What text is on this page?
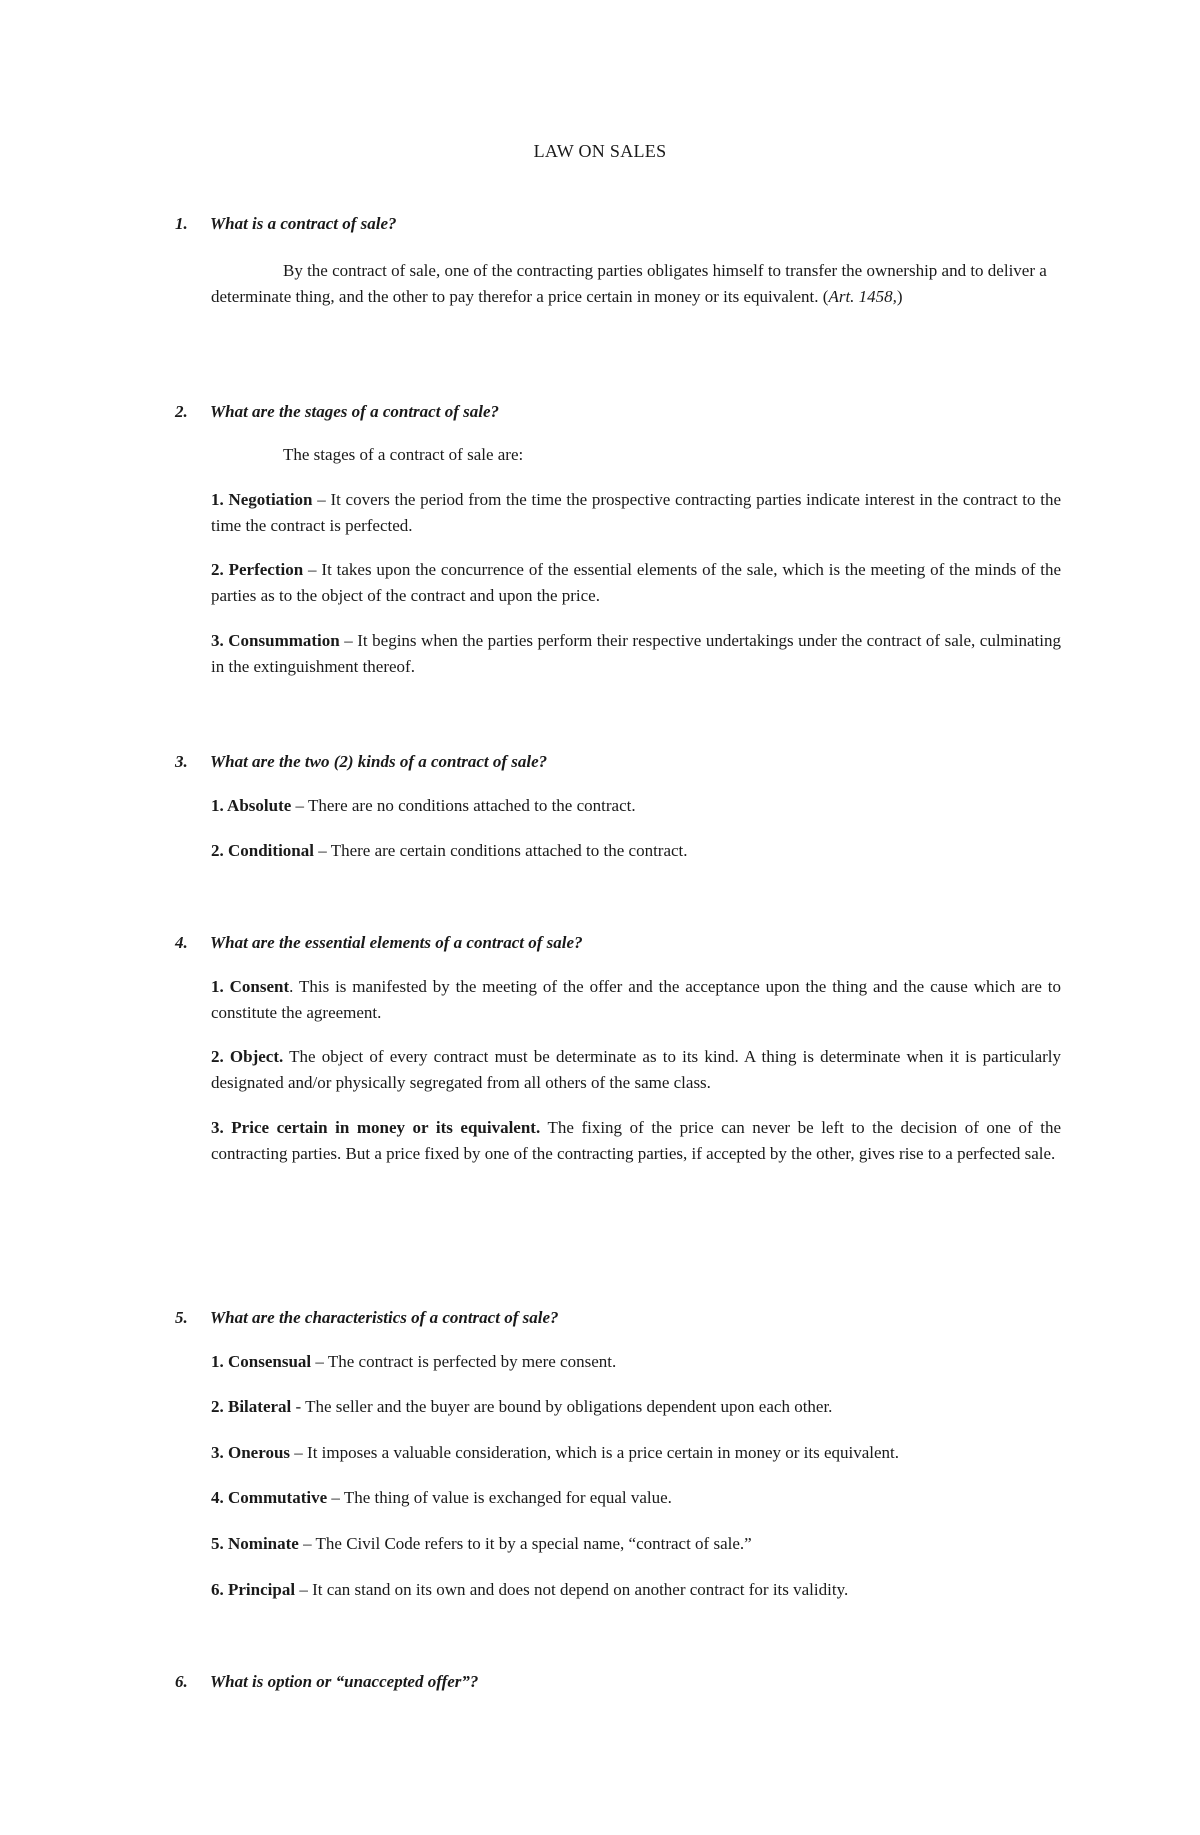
LAW ON SALES
1. What is a contract of sale?
By the contract of sale, one of the contracting parties obligates himself to transfer the ownership and to deliver a determinate thing, and the other to pay therefor a price certain in money or its equivalent. (Art. 1458,)
2. What are the stages of a contract of sale?
The stages of a contract of sale are:
1. Negotiation – It covers the period from the time the prospective contracting parties indicate interest in the contract to the time the contract is perfected.
2. Perfection – It takes upon the concurrence of the essential elements of the sale, which is the meeting of the minds of the parties as to the object of the contract and upon the price.
3. Consummation – It begins when the parties perform their respective undertakings under the contract of sale, culminating in the extinguishment thereof.
3. What are the two (2) kinds of a contract of sale?
1. Absolute – There are no conditions attached to the contract.
2. Conditional – There are certain conditions attached to the contract.
4. What are the essential elements of a contract of sale?
1. Consent. This is manifested by the meeting of the offer and the acceptance upon the thing and the cause which are to constitute the agreement.
2. Object. The object of every contract must be determinate as to its kind. A thing is determinate when it is particularly designated and/or physically segregated from all others of the same class.
3. Price certain in money or its equivalent. The fixing of the price can never be left to the decision of one of the contracting parties. But a price fixed by one of the contracting parties, if accepted by the other, gives rise to a perfected sale.
5. What are the characteristics of a contract of sale?
1. Consensual – The contract is perfected by mere consent.
2. Bilateral - The seller and the buyer are bound by obligations dependent upon each other.
3. Onerous – It imposes a valuable consideration, which is a price certain in money or its equivalent.
4. Commutative – The thing of value is exchanged for equal value.
5. Nominate – The Civil Code refers to it by a special name, “contract of sale.”
6. Principal – It can stand on its own and does not depend on another contract for its validity.
6. What is option or “unaccepted offer”?
